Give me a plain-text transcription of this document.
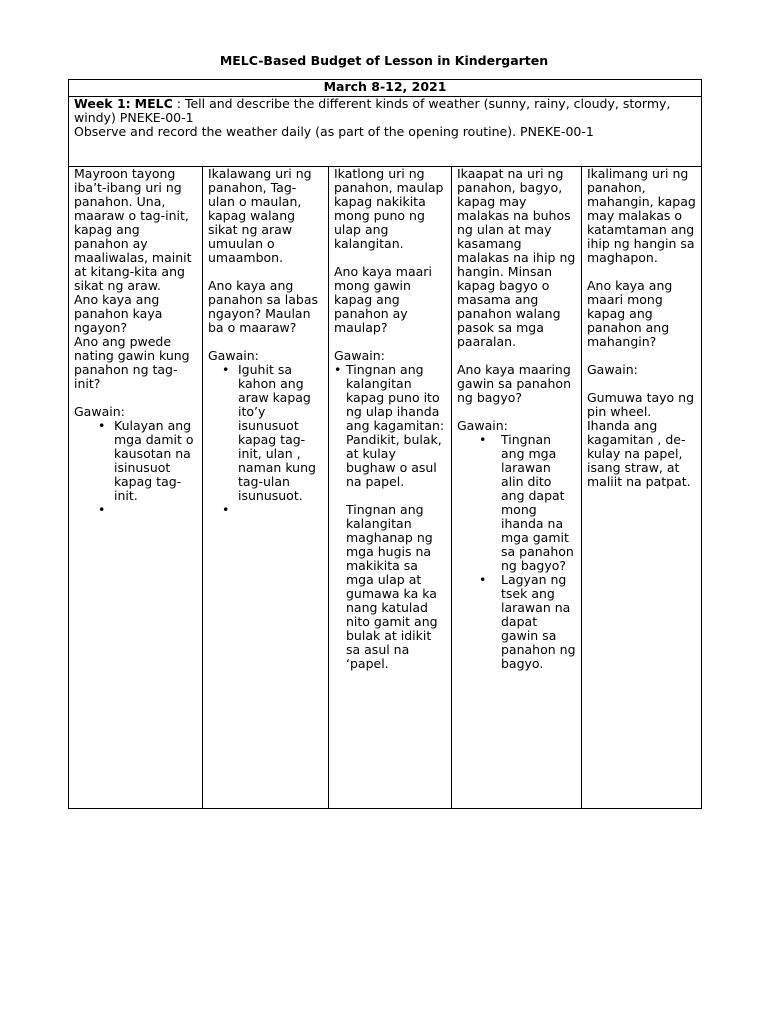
MELC-Based Budget of Lesson in Kindergarten
March 8-12, 2021
Week 1: MELC : Tell and describe the different kinds of weather (sunny, rainy, cloudy, stormy, windy) PNEKE-00-1
Observe and record the weather daily (as part of the opening routine). PNEKE-00-1

Mayroon tayong iba’t-ibang uri ng panahon. Una, maaraw o tag-init, kapag ang panahon ay maaliwalas, mainit at kitang-kita ang sikat ng araw.
Ano kaya ang panahon kaya ngayon?
Ano ang pwede nating gawin kung panahon ng tag-init?
Gawain:
• Kulayan ang mga damit o kausotan na isinusuot kapag tag-init.
•

Ikalawang uri ng panahon, Tag-ulan o maulan, kapag walang sikat ng araw umuulan o umaambon.
Ano kaya ang panahon sa labas ngayon? Maulan ba o maaraw?
Gawain:
• Iguhit sa kahon ang araw kapag ito’y isunusuot kapag tag-init, ulan , naman kung tag-ulan isunusuot.
•

Ikatlong uri ng panahon, maulap kapag nakikita mong puno ng ulap ang kalangitan.
Ano kaya maari mong gawin kapag ang panahon ay maulap?
Gawain:
• Tingnan ang kalangitan kapag puno ito ng ulap ihanda ang kagamitan: Pandikit, bulak, at kulay bughaw o asul na papel.
Tingnan ang kalangitan maghanap ng mga hugis na makikita sa mga ulap at gumawa ka ka nang katulad nito gamit ang bulak at idikit sa asul na ‘papel.

Ikaapat na uri ng panahon, bagyo, kapag may malakas na buhos ng ulan at may kasamang malakas na ihip ng hangin. Minsan kapag bagyo o masama ang panahon walang pasok sa mga paaralan.
Ano kaya maaring gawin sa panahon ng bagyo?
Gawain:
• Tingnan ang mga larawan alin dito ang dapat mong ihanda na mga gamit sa panahon ng bagyo?
• Lagyan ng tsek ang larawan na dapat gawin sa panahon ng bagyo.

Ikalimang uri ng panahon, mahangin, kapag may malakas o katamtaman ang ihip ng hangin sa maghapon.
Ano kaya ang maari mong kapag ang panahon ang mahangin?
Gawain:
Gumuwa tayo ng pin wheel. Ihanda ang kagamitan , de-kulay na papel, isang straw, at maliit na patpat.
